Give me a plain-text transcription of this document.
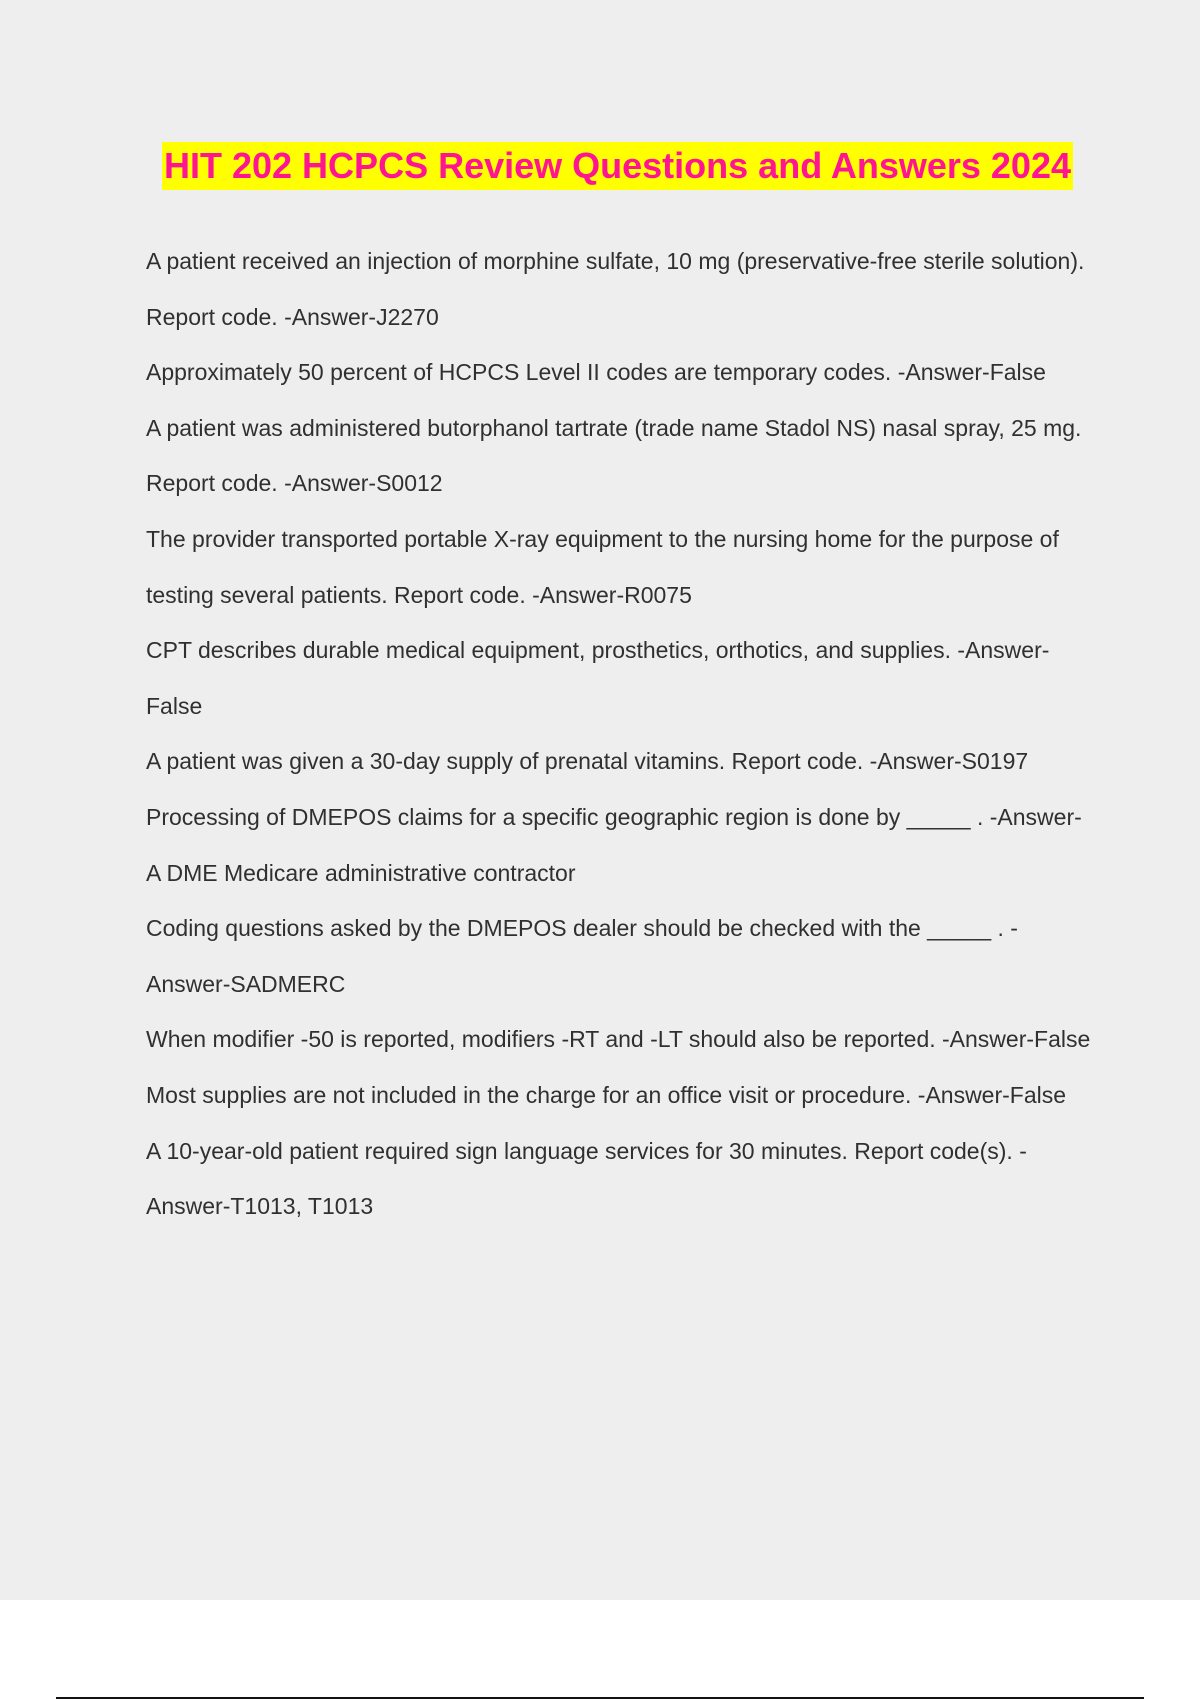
HIT 202 HCPCS Review Questions and Answers 2024

A patient received an injection of morphine sulfate, 10 mg (preservative-free sterile solution). Report code. -Answer-J2270

Approximately 50 percent of HCPCS Level II codes are temporary codes. -Answer-False

A patient was administered butorphanol tartrate (trade name Stadol NS) nasal spray, 25 mg. Report code. -Answer-S0012

The provider transported portable X-ray equipment to the nursing home for the purpose of testing several patients. Report code. -Answer-R0075

CPT describes durable medical equipment, prosthetics, orthotics, and supplies. -Answer-False

A patient was given a 30-day supply of prenatal vitamins. Report code. -Answer-S0197

Processing of DMEPOS claims for a specific geographic region is done by _____ . -Answer-A DME Medicare administrative contractor

Coding questions asked by the DMEPOS dealer should be checked with the _____ . -Answer-SADMERC

When modifier -50 is reported, modifiers -RT and -LT should also be reported. -Answer-False

Most supplies are not included in the charge for an office visit or procedure. -Answer-False

A 10-year-old patient required sign language services for 30 minutes. Report code(s). -Answer-T1013, T1013
